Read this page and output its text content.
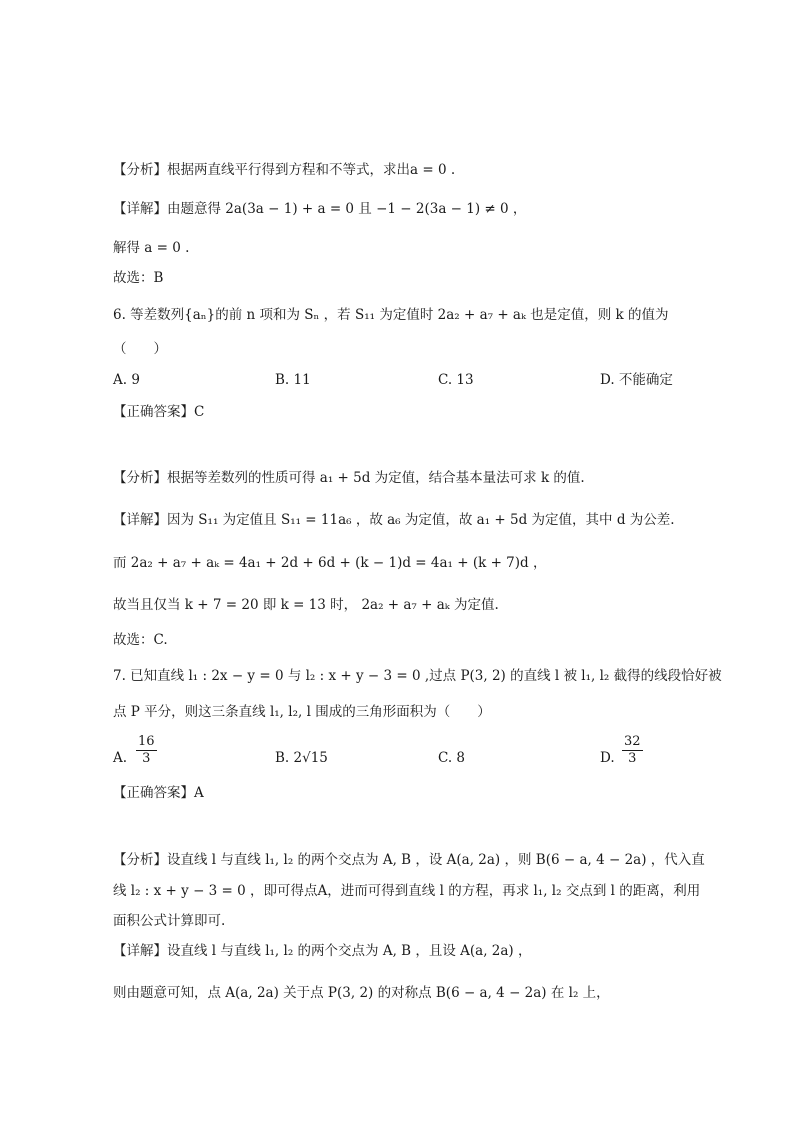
【分析】根据两直线平行得到方程和不等式，求出a = 0 .
【详解】由题意得 2a(3a − 1) + a = 0 且 −1 − 2(3a − 1) ≠ 0 ，
解得 a = 0 .
故选：B
6. 等差数列{aₙ}的前 n 项和为 Sₙ ，若 S₁₁ 为定值时 2a₂ + a₇ + aₖ 也是定值，则 k 的值为
（　　）
A. 9	B. 11	C. 13	D. 不能确定
【正确答案】C
【分析】根据等差数列的性质可得 a₁ + 5d 为定值，结合基本量法可求 k 的值.
【详解】因为 S₁₁ 为定值且 S₁₁ = 11a₆ ，故 a₆ 为定值，故 a₁ + 5d 为定值，其中 d 为公差.
而 2a₂ + a₇ + aₖ = 4a₁ + 2d + 6d + (k − 1)d = 4a₁ + (k + 7)d ，
故当且仅当 k + 7 = 20 即 k = 13 时， 2a₂ + a₇ + aₖ 为定值.
故选：C.
7. 已知直线 l₁ : 2x − y = 0 与 l₂ : x + y − 3 = 0 ,过点 P(3, 2) 的直线 l 被 l₁, l₂ 截得的线段恰好被
点 P 平分，则这三条直线 l₁, l₂, l 围成的三角形面积为（　　）
A. $\frac{16}{3}$	B. 2√15	C. 8	D. $\frac{32}{3}$
【正确答案】A
【分析】设直线 l 与直线 l₁, l₂ 的两个交点为 A, B ，设 A(a, 2a) ，则 B(6 − a, 4 − 2a) ，代入直
线 l₂ : x + y − 3 = 0 ，即可得点A，进而可得到直线 l 的方程，再求 l₁, l₂ 交点到 l 的距离，利用
面积公式计算即可.
【详解】设直线 l 与直线 l₁, l₂ 的两个交点为 A, B ，且设 A(a, 2a) ，
则由题意可知，点 A(a, 2a) 关于点 P(3, 2) 的对称点 B(6 − a, 4 − 2a) 在 l₂ 上，
